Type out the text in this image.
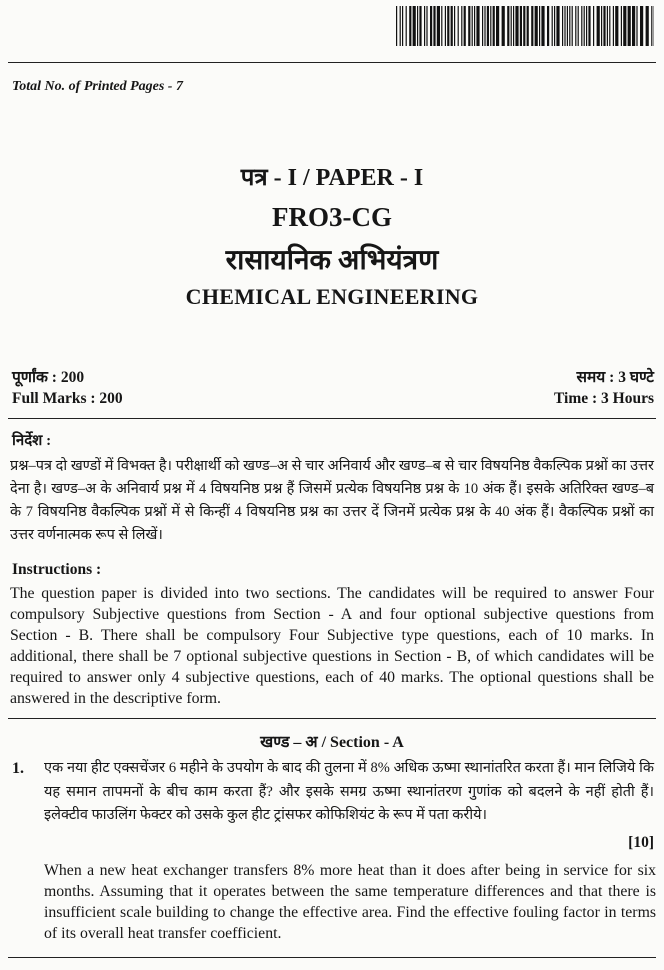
Total No. of Printed Pages - 7
पत्र - I / PAPER - I
FRO3-CG
रासायनिक अभियंत्रण
CHEMICAL ENGINEERING
पूर्णांक : 200
Full Marks : 200
समय : 3 घण्टे
Time : 3 Hours
निर्देश :
प्रश्न–पत्र दो खण्डों में विभक्त है। परीक्षार्थी को खण्ड–अ से चार अनिवार्य और खण्ड–ब से चार विषयनिष्ठ वैकल्पिक प्रश्नों का उत्तर देना है। खण्ड–अ के अनिवार्य प्रश्न में 4 विषयनिष्ठ प्रश्न हैं जिसमें प्रत्येक विषयनिष्ठ प्रश्न के 10 अंक हैं। इसके अतिरिक्त खण्ड–ब के 7 विषयनिष्ठ वैकल्पिक प्रश्नों में से किन्हीं 4 विषयनिष्ठ प्रश्न का उत्तर दें जिनमें प्रत्येक प्रश्न के 40 अंक हैं। वैकल्पिक प्रश्नों का उत्तर वर्णनात्मक रूप से लिखें।
Instructions :
The question paper is divided into two sections. The candidates will be required to answer Four compulsory Subjective questions from Section - A and four optional subjective questions from Section - B. There shall be compulsory Four Subjective type questions, each of 10 marks. In additional, there shall be 7 optional subjective questions in Section - B, of which candidates will be required to answer only 4 subjective questions, each of 40 marks. The optional questions shall be answered in the descriptive form.
खण्ड – अ / Section - A
1. एक नया हीट एक्सचेंजर 6 महीने के उपयोग के बाद की तुलना में 8% अधिक ऊष्मा स्थानांतरित करता हैं। मान लिजिये कि यह समान तापमनों के बीच काम करता हैं? और इसके समग्र ऊष्मा स्थानांतरण गुणांक को बदलने के नहीं होती हैं। इलेक्टीव फाउलिंग फेक्टर को उसके कुल हीट ट्रांसफर कोफिशियंट के रूप में पता करीये।
[10]
When a new heat exchanger transfers 8% more heat than it does after being in service for six months. Assuming that it operates between the same temperature differences and that there is insufficient scale building to change the effective area. Find the effective fouling factor in terms of its overall heat transfer coefficient.
